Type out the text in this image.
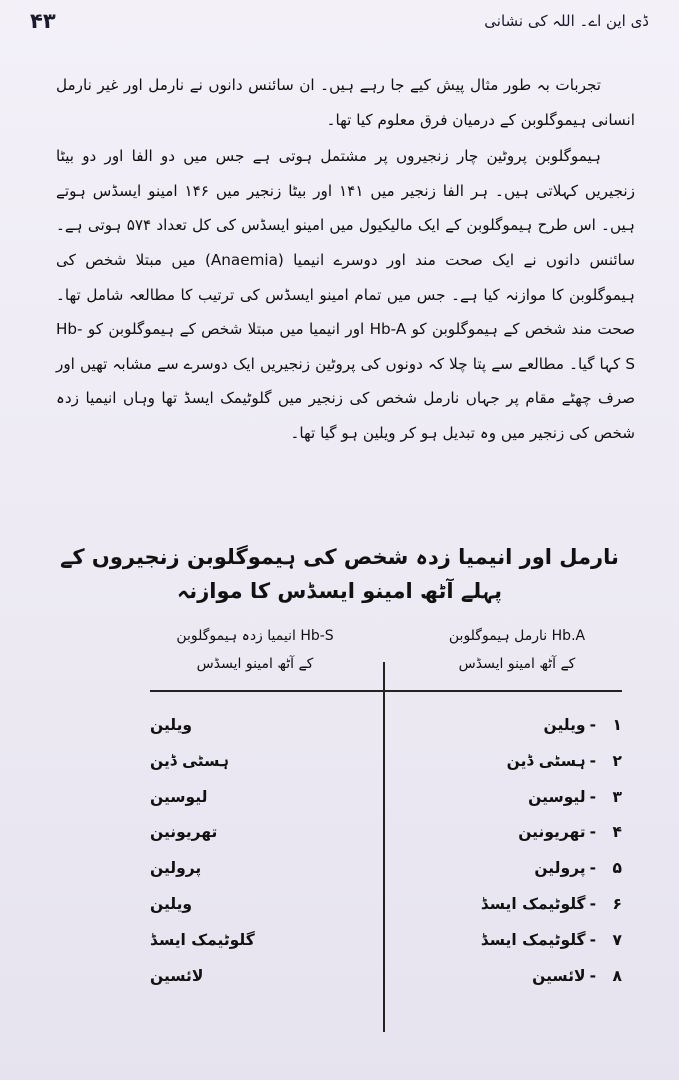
۴۳	ڈی این اے۔ اللہ کی نشانی

تجربات بہ طور مثال پیش کیے جا رہے ہیں۔ ان سائنس دانوں نے نارمل اور غیر نارمل انسانی ہیموگلوبن کے درمیان فرق معلوم کیا تھا۔

ہیموگلوبن پروٹین چار زنجیروں پر مشتمل ہوتی ہے جس میں دو الفا اور دو بیٹا زنجیریں کہلاتی ہیں۔ ہر الفا زنجیر میں ۱۴۱ اور بیٹا زنجیر میں ۱۴۶ امینو ایسڈس ہوتے ہیں۔ اس طرح ہیموگلوبن کے ایک مالیکیول میں امینو ایسڈس کی کل تعداد ۵۷۴ ہوتی ہے۔ سائنس دانوں نے ایک صحت مند اور دوسرے انیمیا (Anaemia) میں مبتلا شخص کی ہیموگلوبن کا موازنہ کیا ہے۔ جس میں تمام امینو ایسڈس کی ترتیب کا مطالعہ شامل تھا۔ صحت مند شخص کے ہیموگلوبن کو Hb-A اور انیمیا میں مبتلا شخص کے ہیموگلوبن کو Hb-S کہا گیا۔ مطالعے سے پتا چلا کہ دونوں کی پروٹین زنجیریں ایک دوسرے سے مشابہ تھیں اور صرف چھٹے مقام پر جہاں نارمل شخص کی زنجیر میں گلوٹیمک ایسڈ تھا وہاں انیمیا زدہ شخص کی زنجیر میں وہ تبدیل ہو کر ویلین ہو گیا تھا۔

نارمل اور انیمیا زدہ شخص کی ہیموگلوبن زنجیروں کے پہلے آٹھ امینو ایسڈس کا موازنہ
Hb.A نارمل ہیموگلوبن
کے آٹھ امینو ایسڈس
Hb-S انیمیا زدہ ہیموگلوبن
کے آٹھ امینو ایسڈس
۱-ویلین
۲-ہسٹی ڈین
۳-لیوسین
۴-تھریونین
۵-پرولین
۶-گلوٹیمک ایسڈ
۷-گلوٹیمک ایسڈ
۸-لائسین
ویلین
ہسٹی ڈین
لیوسین
تھریونین
پرولین
ویلین
گلوٹیمک ایسڈ
لائسین
